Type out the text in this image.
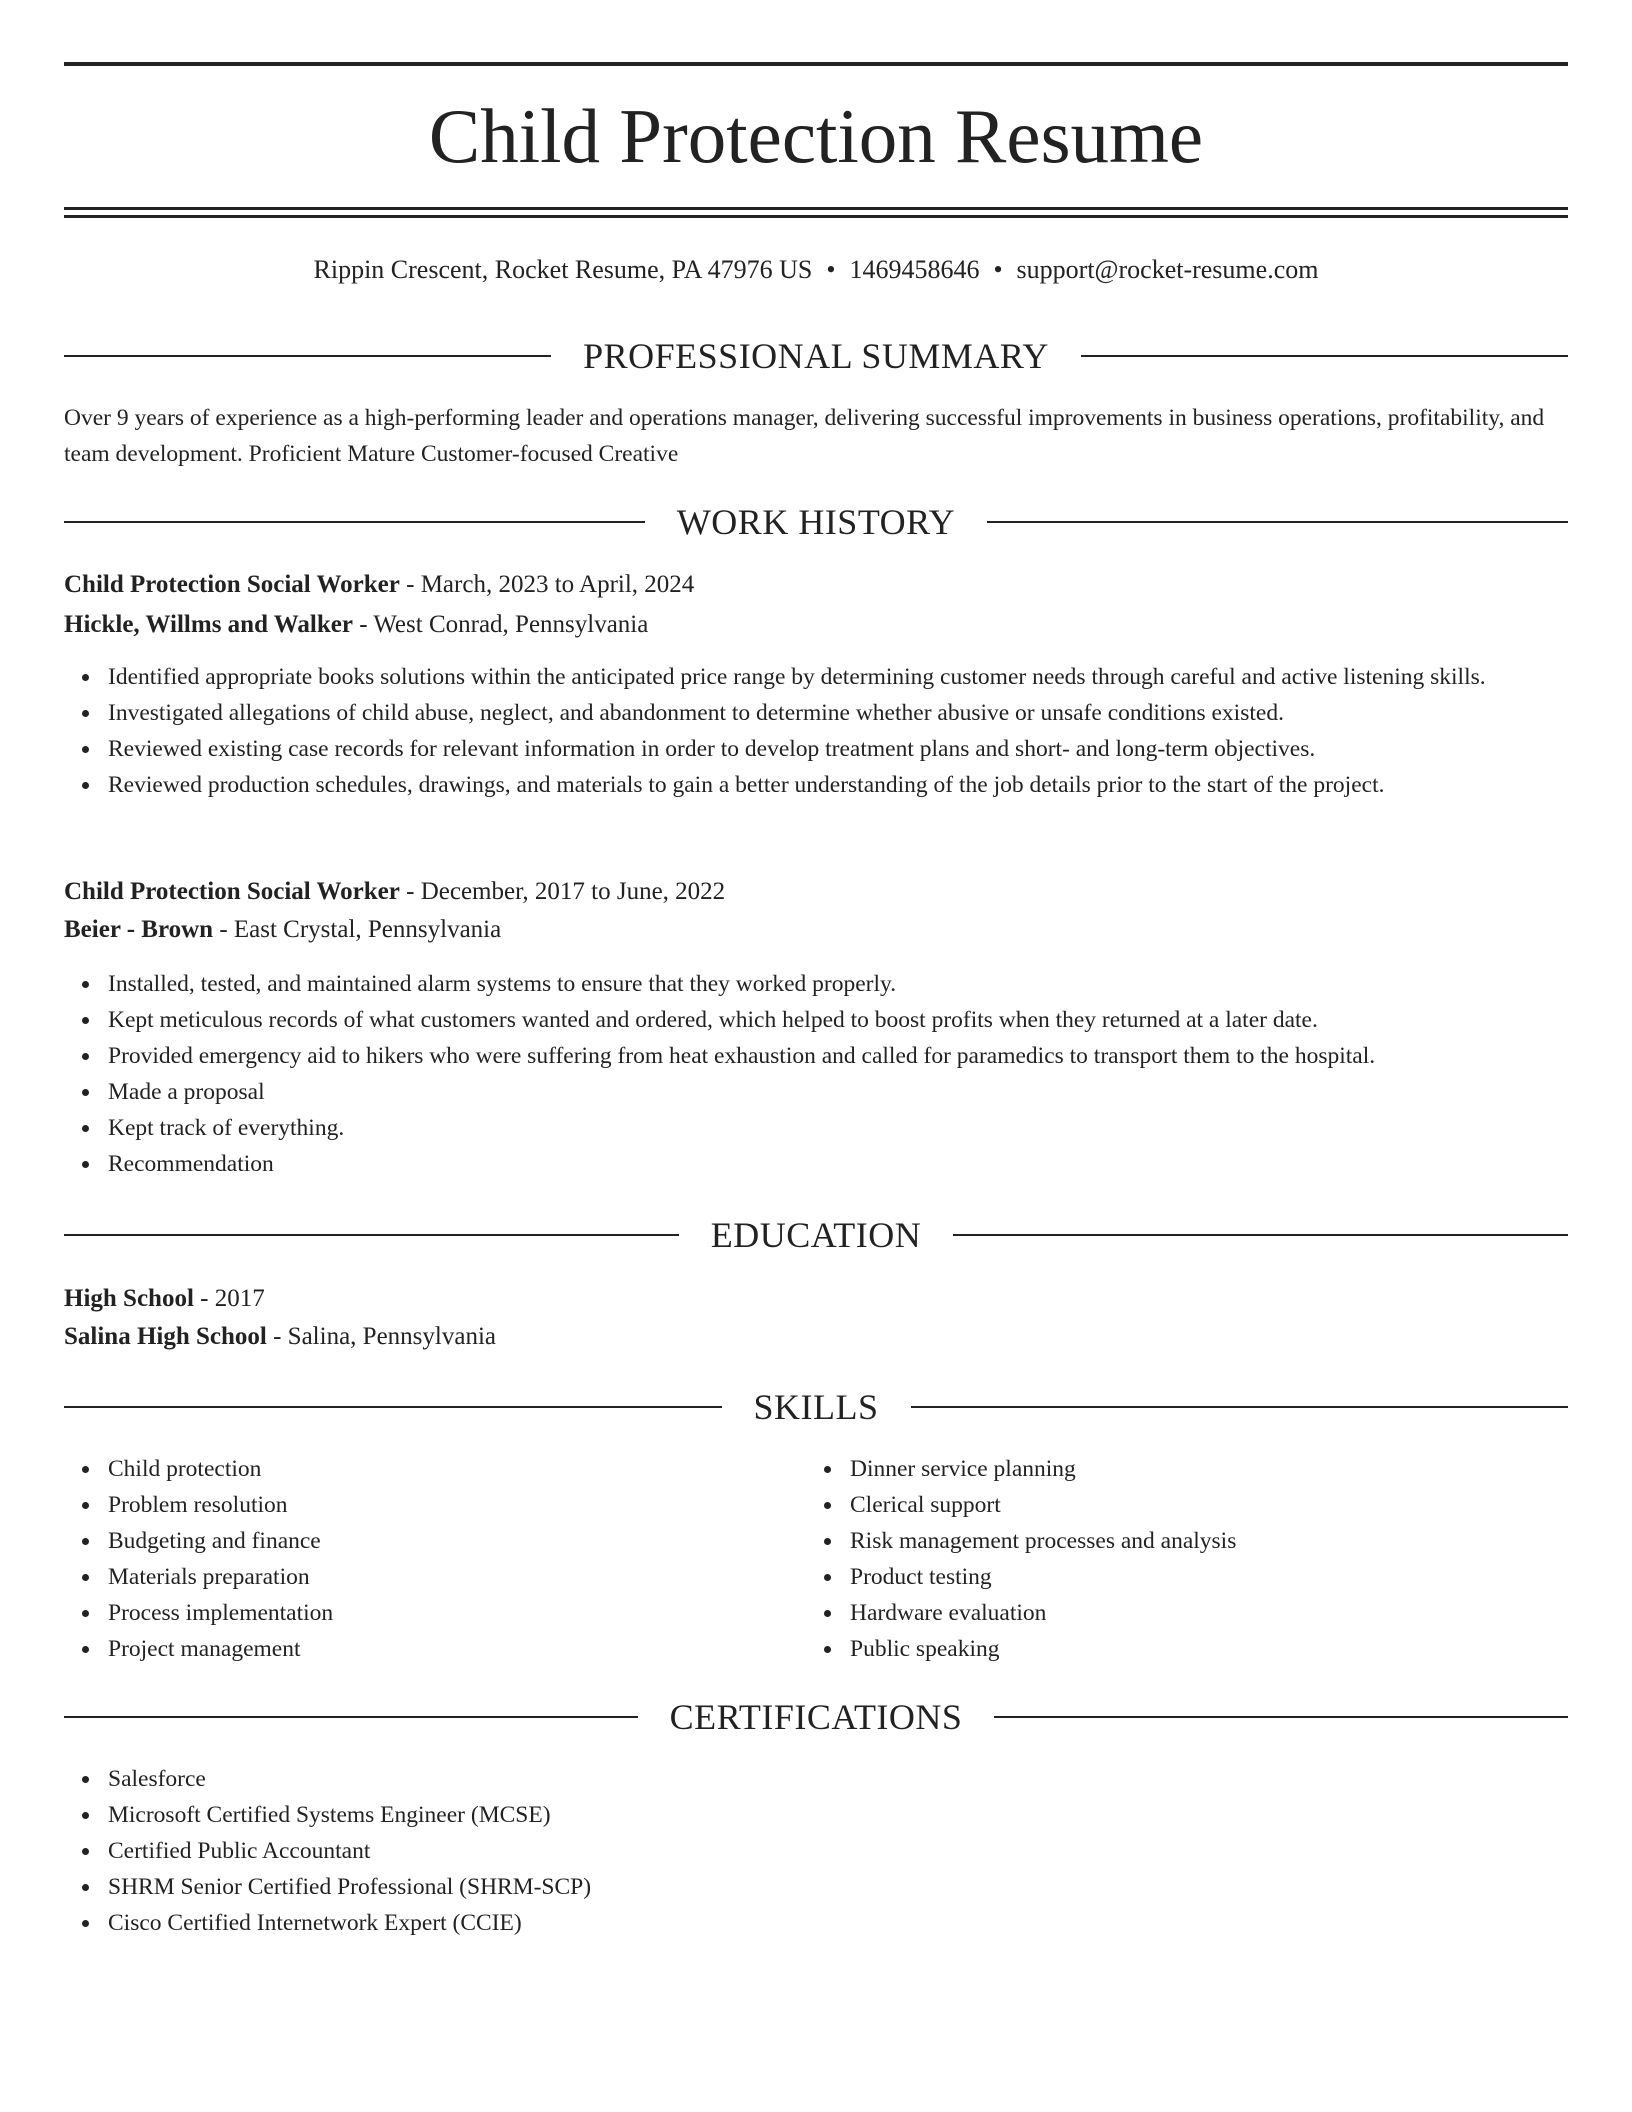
Child Protection Resume
Rippin Crescent, Rocket Resume, PA 47976 US • 1469458646 • support@rocket-resume.com
PROFESSIONAL SUMMARY
Over 9 years of experience as a high-performing leader and operations manager, delivering successful improvements in business operations, profitability, and team development. Proficient Mature Customer-focused Creative
WORK HISTORY
Child Protection Social Worker - March, 2023 to April, 2024
Hickle, Willms and Walker - West Conrad, Pennsylvania
Identified appropriate books solutions within the anticipated price range by determining customer needs through careful and active listening skills.
Investigated allegations of child abuse, neglect, and abandonment to determine whether abusive or unsafe conditions existed.
Reviewed existing case records for relevant information in order to develop treatment plans and short- and long-term objectives.
Reviewed production schedules, drawings, and materials to gain a better understanding of the job details prior to the start of the project.
Child Protection Social Worker - December, 2017 to June, 2022
Beier - Brown - East Crystal, Pennsylvania
Installed, tested, and maintained alarm systems to ensure that they worked properly.
Kept meticulous records of what customers wanted and ordered, which helped to boost profits when they returned at a later date.
Provided emergency aid to hikers who were suffering from heat exhaustion and called for paramedics to transport them to the hospital.
Made a proposal
Kept track of everything.
Recommendation
EDUCATION
High School - 2017
Salina High School - Salina, Pennsylvania
SKILLS
Child protection
Problem resolution
Budgeting and finance
Materials preparation
Process implementation
Project management
Dinner service planning
Clerical support
Risk management processes and analysis
Product testing
Hardware evaluation
Public speaking
CERTIFICATIONS
Salesforce
Microsoft Certified Systems Engineer (MCSE)
Certified Public Accountant
SHRM Senior Certified Professional (SHRM-SCP)
Cisco Certified Internetwork Expert (CCIE)
